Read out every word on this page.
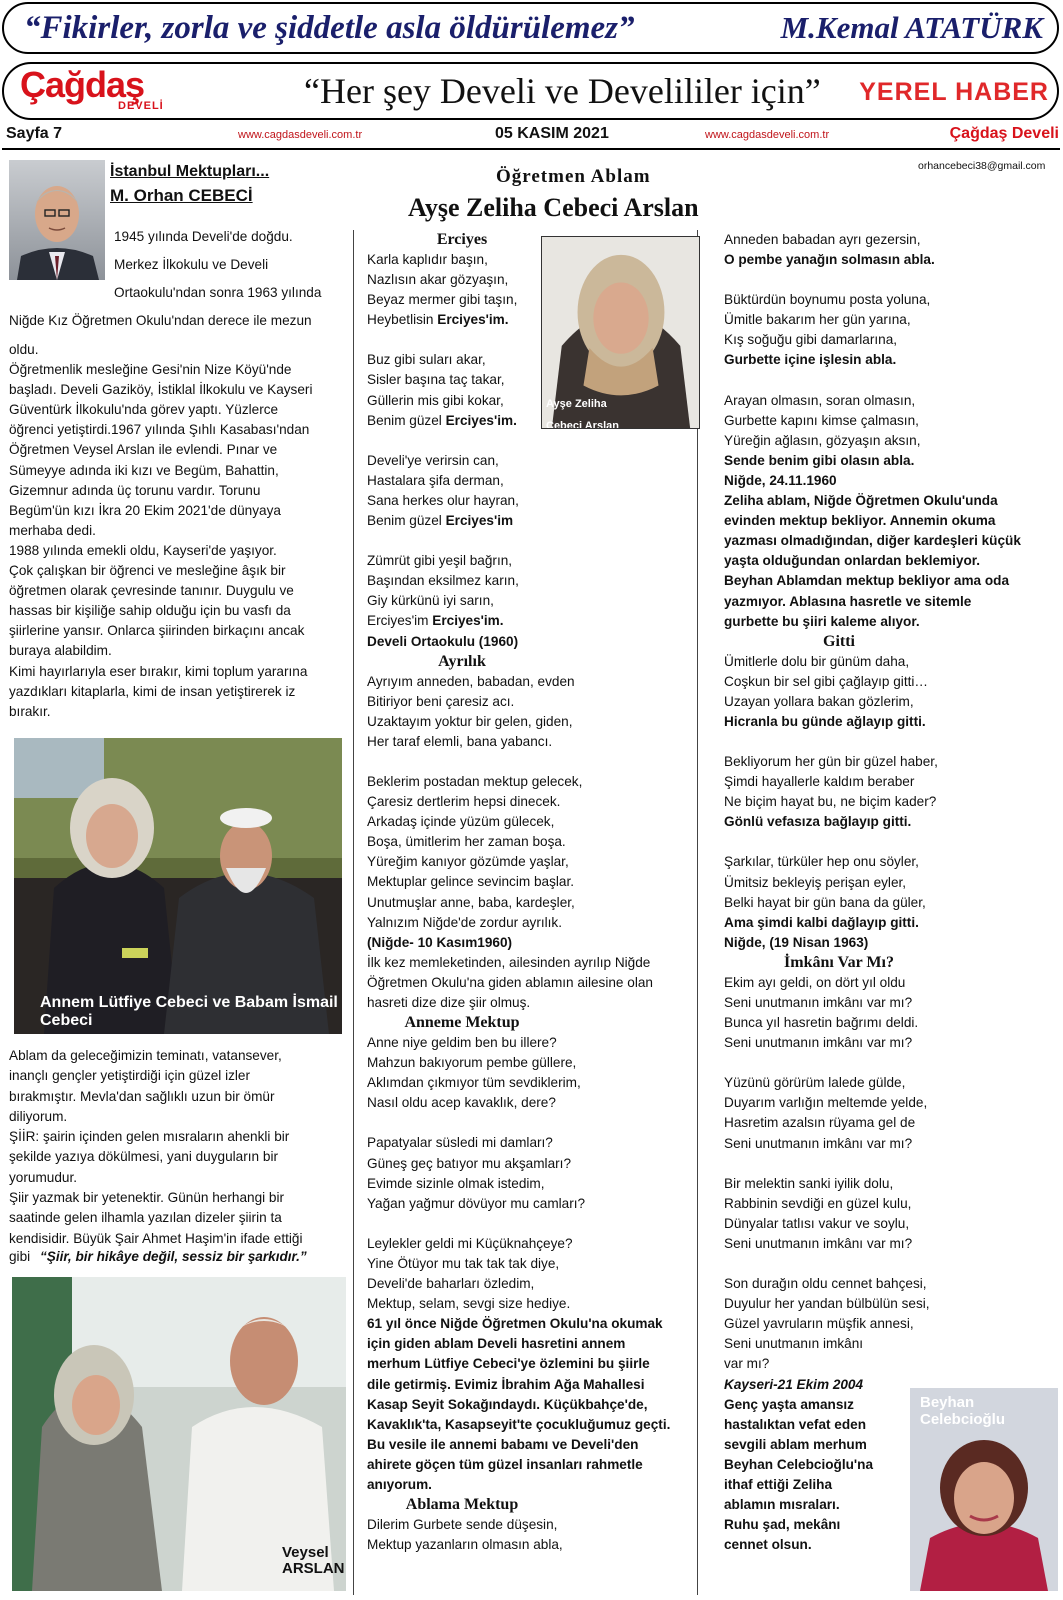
“Fikirler, zorla ve şiddetle asla öldürülemez”	M.Kemal ATATÜRK
Çağdaş
DEVELİ	“Her şey Develi ve Develililer için” YEREL HABER
Sayfa 7	www.cagdasdeveli.com.tr	05 KASIM 2021	www.cagdasdeveli.com.tr	Çağdaş Develi
İstanbul Mektupları...
M. Orhan CEBECİ
orhancebeci38@gmail.com
1945 yılında Develi'de doğdu.
Merkez İlkokulu ve Develi
Ortaokulu'ndan sonra 1963 yılında
Niğde Kız Öğretmen Okulu'ndan derece ile mezun
oldu.
Öğretmenlik mesleğine Gesi'nin Nize Köyü'nde
başladı. Develi Gaziköy, İstiklal İlkokulu ve Kayseri
Güventürk İlkokulu'nda görev yaptı. Yüzlerce
öğrenci yetiştirdi.1967 yılında Şıhlı Kasabası'ndan
Öğretmen Veysel Arslan ile evlendi. Pınar ve
Sümeyye adında iki kızı ve Begüm, Bahattin,
Gizemnur adında üç torunu vardır. Torunu
Begüm'ün kızı İkra 20 Ekim 2021'de dünyaya
merhaba dedi.
1988 yılında emekli oldu, Kayseri'de yaşıyor.
Çok çalışkan bir öğrenci ve mesleğine âşık bir
öğretmen olarak çevresinde tanınır. Duygulu ve
hassas bir kişiliğe sahip olduğu için bu vasfı da
şiirlerine yansır. Onlarca şiirinden birkaçını ancak
buraya alabildim.
Kimi hayırlarıyla eser bırakır, kimi toplum yararına
yazdıkları kitaplarla, kimi de insan yetiştirerek iz
bırakır.
Annem Lütfiye Cebeci ve Babam İsmail Cebeci
Ablam da geleceğimizin teminatı, vatansever,
inançlı gençler yetiştirdiği için güzel izler
bırakmıştır. Mevla'dan sağlıklı uzun bir ömür
diliyorum.
ŞİİR: şairin içinden gelen mısraların ahenkli bir
şekilde yazıya dökülmesi, yani duyguların bir
yorumudur.
Şiir yazmak bir yetenektir. Günün herhangi bir
saatinde gelen ilhamla yazılan dizeler şiirin ta
kendisidir. Büyük Şair Ahmet Haşim'in ifade ettiği
gibi “Şiir, bir hikâye değil, sessiz bir şarkıdır.”
Veysel
ARSLAN
Öğretmen Ablam
Ayşe Zeliha Cebeci Arslan
Ayşe Zeliha
Cebeci Arslan
Erciyes
Karla kaplıdır başın,
Nazlısın akar gözyaşın,
Beyaz mermer gibi taşın,
Heybetlisin Erciyes'im.
Buz gibi suları akar,
Sisler başına taç takar,
Güllerin mis gibi kokar,
Benim güzel Erciyes'im.
Develi'ye verirsin can,
Hastalara şifa derman,
Sana herkes olur hayran,
Benim güzel Erciyes'im
Zümrüt gibi yeşil bağrın,
Başından eksilmez karın,
Giy kürkünü iyi sarın,
Erciyes'im Erciyes'im.
Develi Ortaokulu (1960)
Ayrılık
Ayrıyım anneden, babadan, evden
Bitiriyor beni çaresiz acı.
Uzaktayım yoktur bir gelen, giden,
Her taraf elemli, bana yabancı.
Beklerim postadan mektup gelecek,
Çaresiz dertlerim hepsi dinecek.
Arkadaş içinde yüzüm gülecek,
Boşa, ümitlerim her zaman boşa.
Yüreğim kanıyor gözümde yaşlar,
Mektuplar gelince sevincim başlar.
Unutmuşlar anne, baba, kardeşler,
Yalnızım Niğde'de zordur ayrılık.
(Niğde- 10 Kasım1960)
İlk kez memleketinden, ailesinden ayrılıp Niğde
Öğretmen Okulu'na giden ablamın ailesine olan
hasreti dize dize şiir olmuş.
Anneme Mektup
Anne niye geldim ben bu illere?
Mahzun bakıyorum pembe güllere,
Aklımdan çıkmıyor tüm sevdiklerim,
Nasıl oldu acep kavaklık, dere?
Papatyalar süsledi mi damları?
Güneş geç batıyor mu akşamları?
Evimde sizinle olmak istedim,
Yağan yağmur dövüyor mu camları?
Leylekler geldi mi Küçüknahçeye?
Yine Ötüyor mu tak tak tak diye,
Develi'de baharları özledim,
Mektup, selam, sevgi size hediye.
61 yıl önce Niğde Öğretmen Okulu'na okumak
için giden ablam Develi hasretini annem
merhum Lütfiye Cebeci'ye özlemini bu şiirle
dile getirmiş. Evimiz İbrahim Ağa Mahallesi
Kasap Seyit Sokağındaydı. Küçükbahçe'de,
Kavaklık'ta, Kasapseyit'te çocukluğumuz geçti.
Bu vesile ile annemi babamı ve Develi'den
ahirete göçen tüm güzel insanları rahmetle
anıyorum.
Ablama Mektup
Dilerim Gurbete sende düşesin,
Mektup yazanların olmasın abla,
Anneden babadan ayrı gezersin,
O pembe yanağın solmasın abla.
Büktürdün boynumu posta yoluna,
Ümitle bakarım her gün yarına,
Kış soğuğu gibi damarlarına,
Gurbette içine işlesin abla.
Arayan olmasın, soran olmasın,
Gurbette kapını kimse çalmasın,
Yüreğin ağlasın, gözyaşın aksın,
Sende benim gibi olasın abla.
Niğde, 24.11.1960
Zeliha ablam, Niğde Öğretmen Okulu'unda
evinden mektup bekliyor. Annemin okuma
yazması olmadığından, diğer kardeşleri küçük
yaşta olduğundan onlardan beklemiyor.
Beyhan Ablamdan mektup bekliyor ama oda
yazmıyor. Ablasına hasretle ve sitemle
gurbette bu şiiri kaleme alıyor.
Gitti
Ümitlerle dolu bir günüm daha,
Coşkun bir sel gibi çağlayıp gitti…
Uzayan yollara bakan gözlerim,
Hicranla bu günde ağlayıp gitti.
Bekliyorum her gün bir güzel haber,
Şimdi hayallerle kaldım beraber
Ne biçim hayat bu, ne biçim kader?
Gönlü vefasıza bağlayıp gitti.
Şarkılar, türküler hep onu söyler,
Ümitsiz bekleyiş perişan eyler,
Belki hayat bir gün bana da güler,
Ama şimdi kalbi dağlayıp gitti.
Niğde, (19 Nisan 1963)
İmkânı Var Mı?
Ekim ayı geldi, on dört yıl oldu
Seni unutmanın imkânı var mı?
Bunca yıl hasretin bağrımı deldi.
Seni unutmanın imkânı var mı?
Yüzünü görürüm lalede gülde,
Duyarım varlığın meltemde yelde,
Hasretim azalsın rüyama gel de
Seni unutmanın imkânı var mı?
Bir melektin sanki iyilik dolu,
Rabbinin sevdiği en güzel kulu,
Dünyalar tatlısı vakur ve soylu,
Seni unutmanın imkânı var mı?
Son durağın oldu cennet bahçesi,
Duyulur her yandan bülbülün sesi,
Güzel yavruların müşfik annesi,
Seni unutmanın imkânı
var mı?
Kayseri-21 Ekim 2004
Genç yaşta amansız
hastalıktan vefat eden
sevgili ablam merhum
Beyhan Celebcioğlu'na
ithaf ettiği Zeliha
ablamın mısraları.
Ruhu şad, mekânı
cennet olsun.
Beyhan Celebcioğlu
